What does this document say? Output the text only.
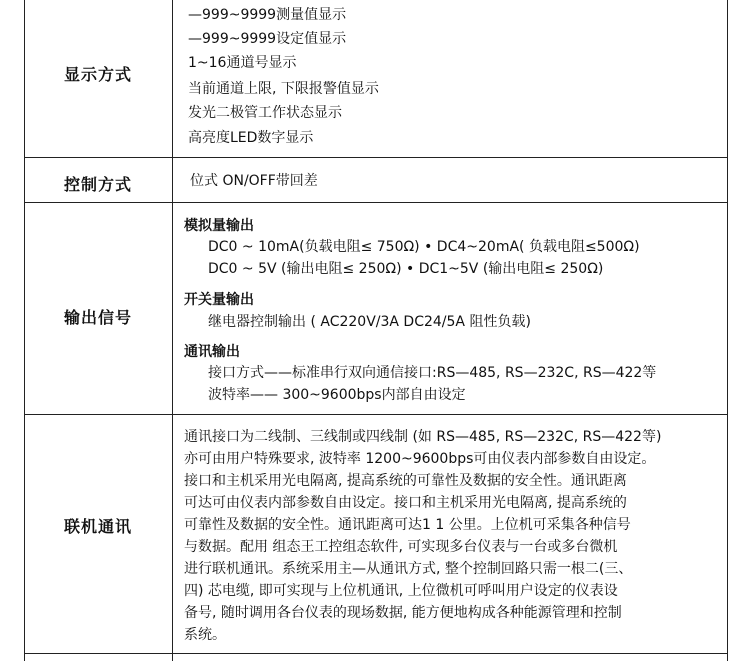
显示方式
—999~9999测量值显示
—999~9999设定值显示
1~16通道号显示
当前通道上限, 下限报警值显示
发光二极管工作状态显示
高亮度LED数字显示
控制方式	位式 ON/OFF带回差
输出信号
模拟量输出
DC0 ~ 10mA(负载电阻≤ 750Ω) • DC4~20mA( 负载电阻≤500Ω)
DC0 ~ 5V (输出电阻≤ 250Ω) • DC1~5V (输出电阻≤ 250Ω)
开关量输出
继电器控制输出 ( AC220V/3A DC24/5A 阻性负载)
通讯输出
接口方式——标准串行双向通信接口:RS—485, RS—232C, RS—422等
波特率—— 300~9600bps内部自由设定
联机通讯
通讯接口为二线制、三线制或四线制 (如 RS—485, RS—232C, RS—422等)
亦可由用户特殊要求, 波特率 1200~9600bps可由仪表内部参数自由设定。
接口和主机采用光电隔离, 提高系统的可靠性及数据的安全性。通讯距离
可达可由仪表内部参数自由设定。接口和主机采用光电隔离, 提高系统的
可靠性及数据的安全性。通讯距离可达1 1 公里。上位机可采集各种信号
与数据。配用 组态王工控组态软件, 可实现多台仪表与一台或多台微机
进行联机通讯。系统采用主—从通讯方式, 整个控制回路只需一根二(三、
四) 芯电缆, 即可实现与上位机通讯, 上位微机可呼叫用户设定的仪表设
备号, 随时调用各台仪表的现场数据, 能方便地构成各种能源管理和控制
系统。
